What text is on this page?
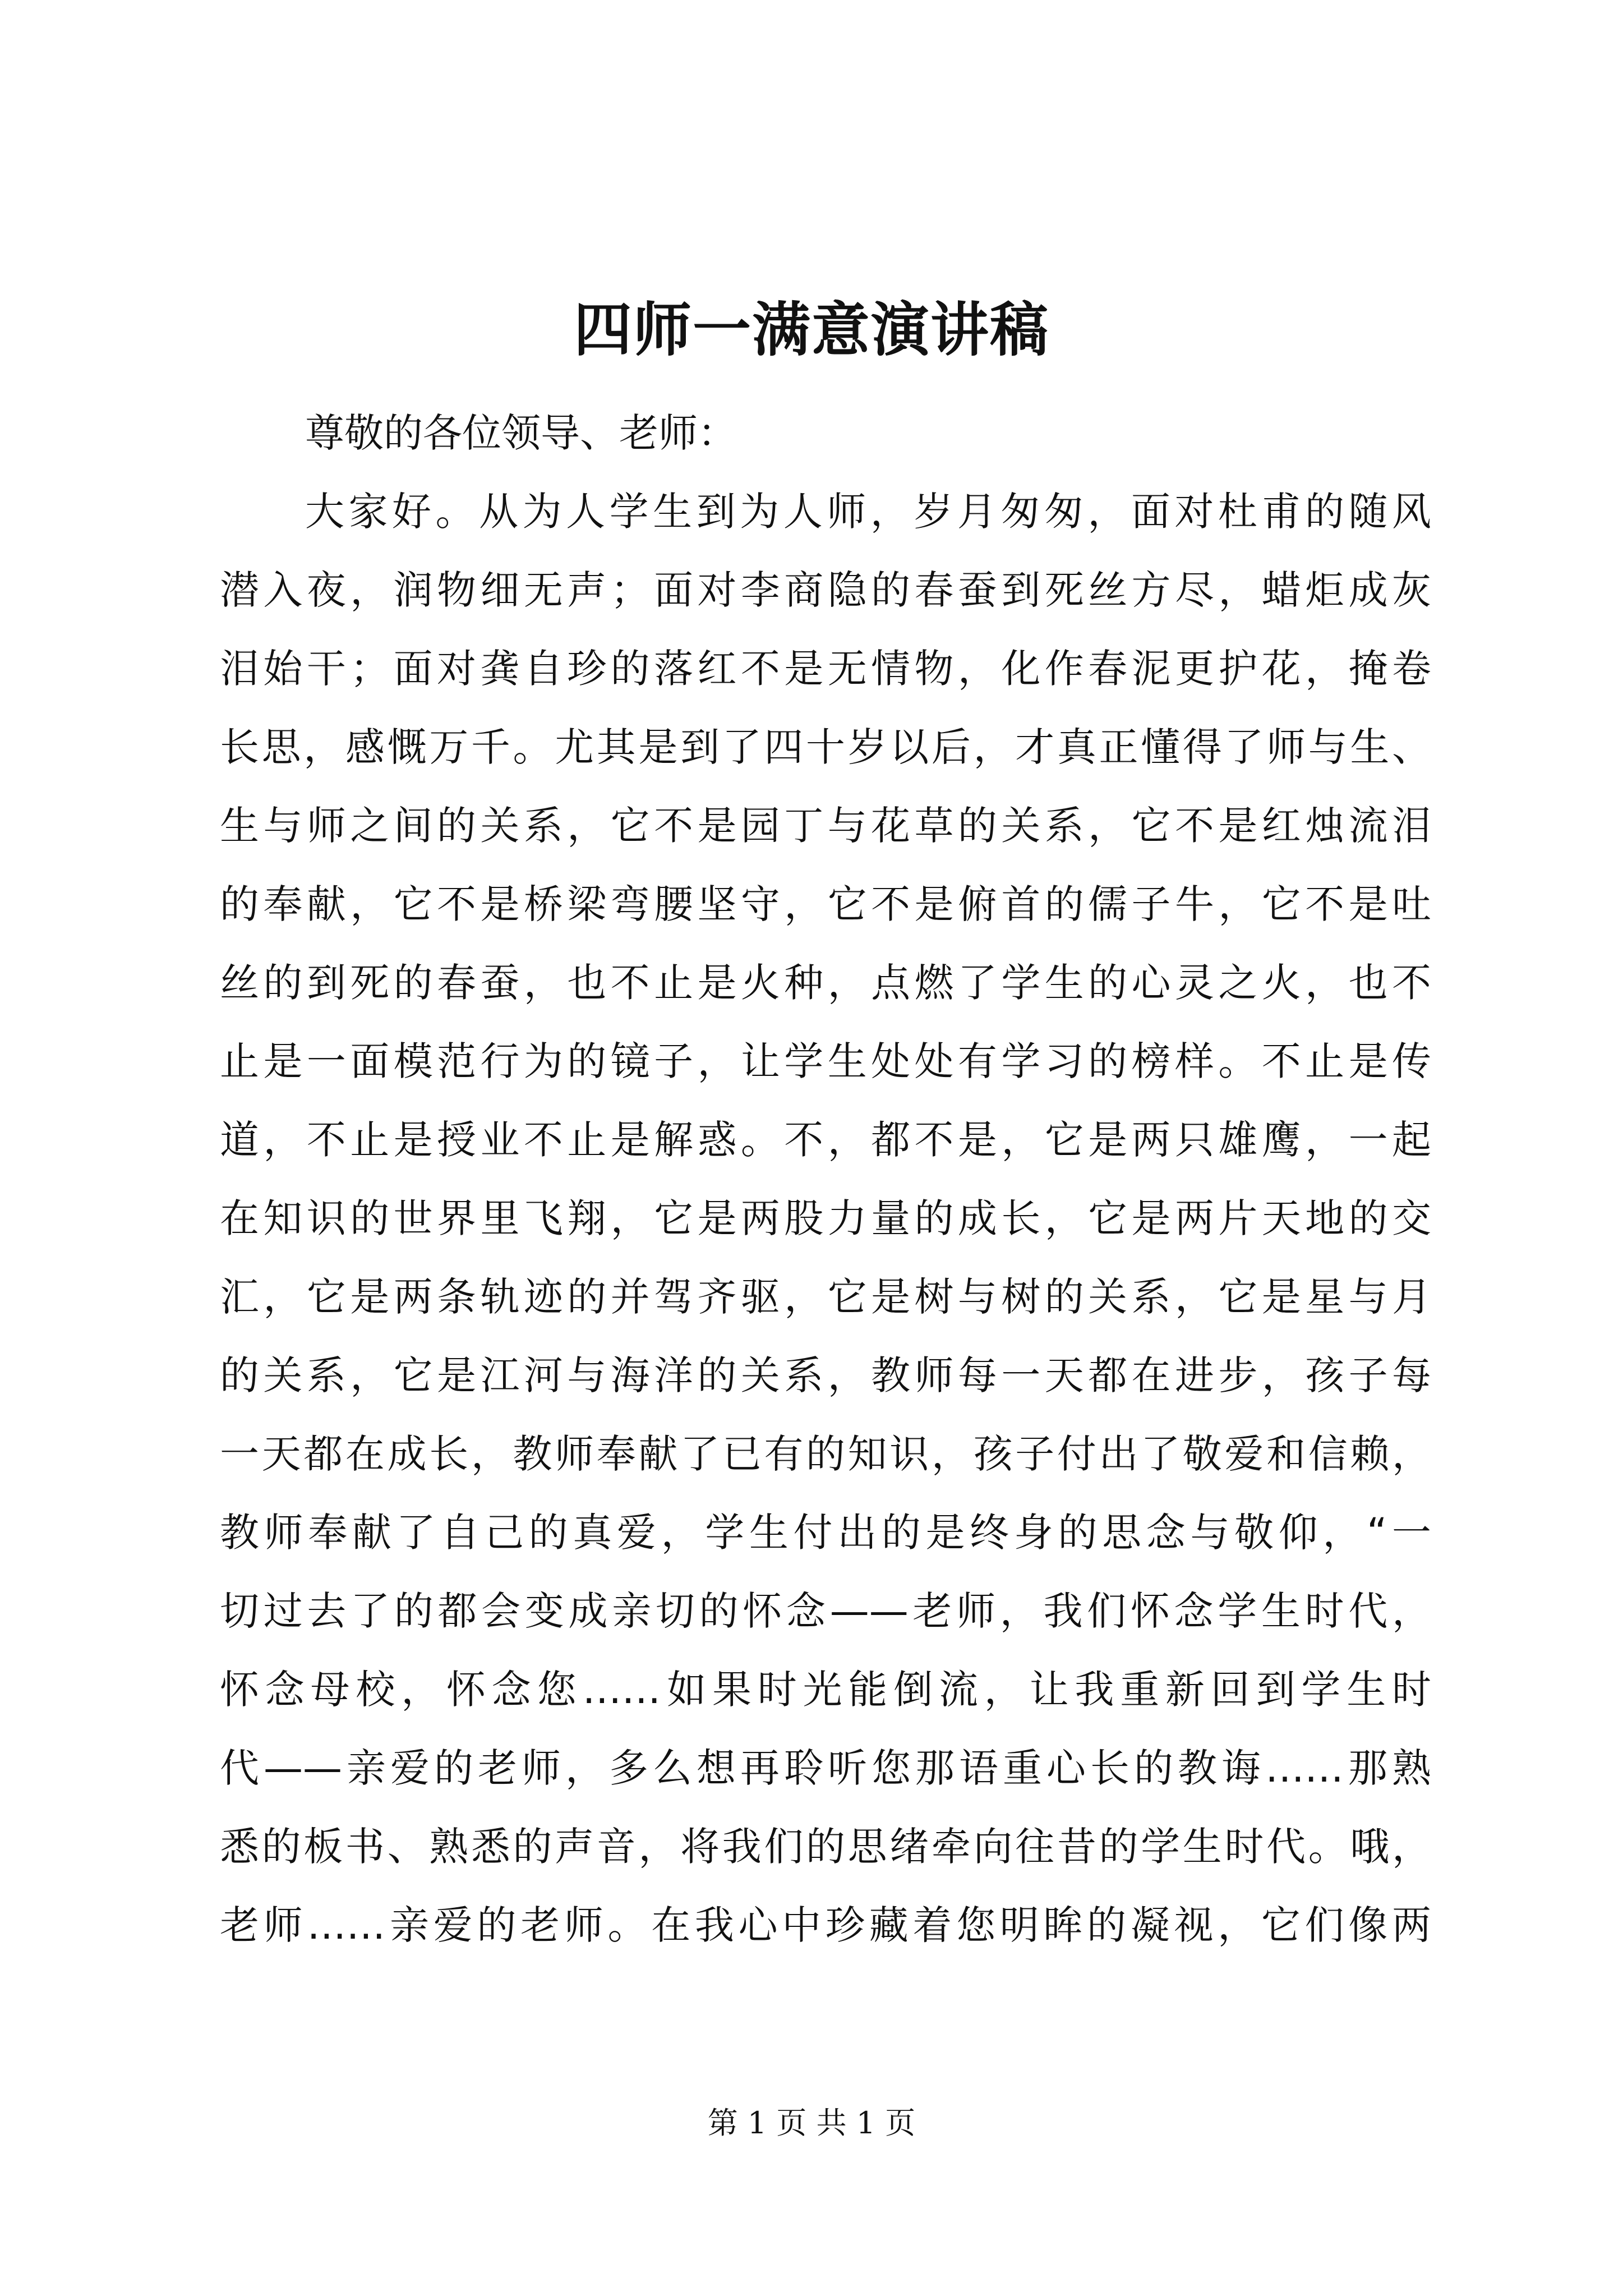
四师一满意演讲稿

尊敬的各位领导、老师：

大家好。从为人学生到为人师，岁月匆匆，面对杜甫的随风

潜入夜，润物细无声；面对李商隐的春蚕到死丝方尽，蜡炬成灰

泪始干；面对龚自珍的落红不是无情物，化作春泥更护花，掩卷

长思，感慨万千。尤其是到了四十岁以后，才真正懂得了师与生、

生与师之间的关系，它不是园丁与花草的关系，它不是红烛流泪

的奉献，它不是桥梁弯腰坚守，它不是俯首的儒子牛，它不是吐

丝的到死的春蚕，也不止是火种，点燃了学生的心灵之火，也不

止是一面模范行为的镜子，让学生处处有学习的榜样。不止是传

道，不止是授业不止是解惑。不，都不是，它是两只雄鹰，一起

在知识的世界里飞翔，它是两股力量的成长，它是两片天地的交

汇，它是两条轨迹的并驾齐驱，它是树与树的关系，它是星与月

的关系，它是江河与海洋的关系，教师每一天都在进步，孩子每

一天都在成长，教师奉献了已有的知识，孩子付出了敬爱和信赖，

教师奉献了自己的真爱，学生付出的是终身的思念与敬仰，“一

切过去了的都会变成亲切的怀念——老师，我们怀念学生时代，

怀念母校，怀念您……如果时光能倒流，让我重新回到学生时

代——亲爱的老师，多么想再聆听您那语重心长的教诲……那熟

悉的板书、熟悉的声音，将我们的思绪牵向往昔的学生时代。哦，

老师……亲爱的老师。在我心中珍藏着您明眸的凝视，它们像两

第 1 页 共 1 页
